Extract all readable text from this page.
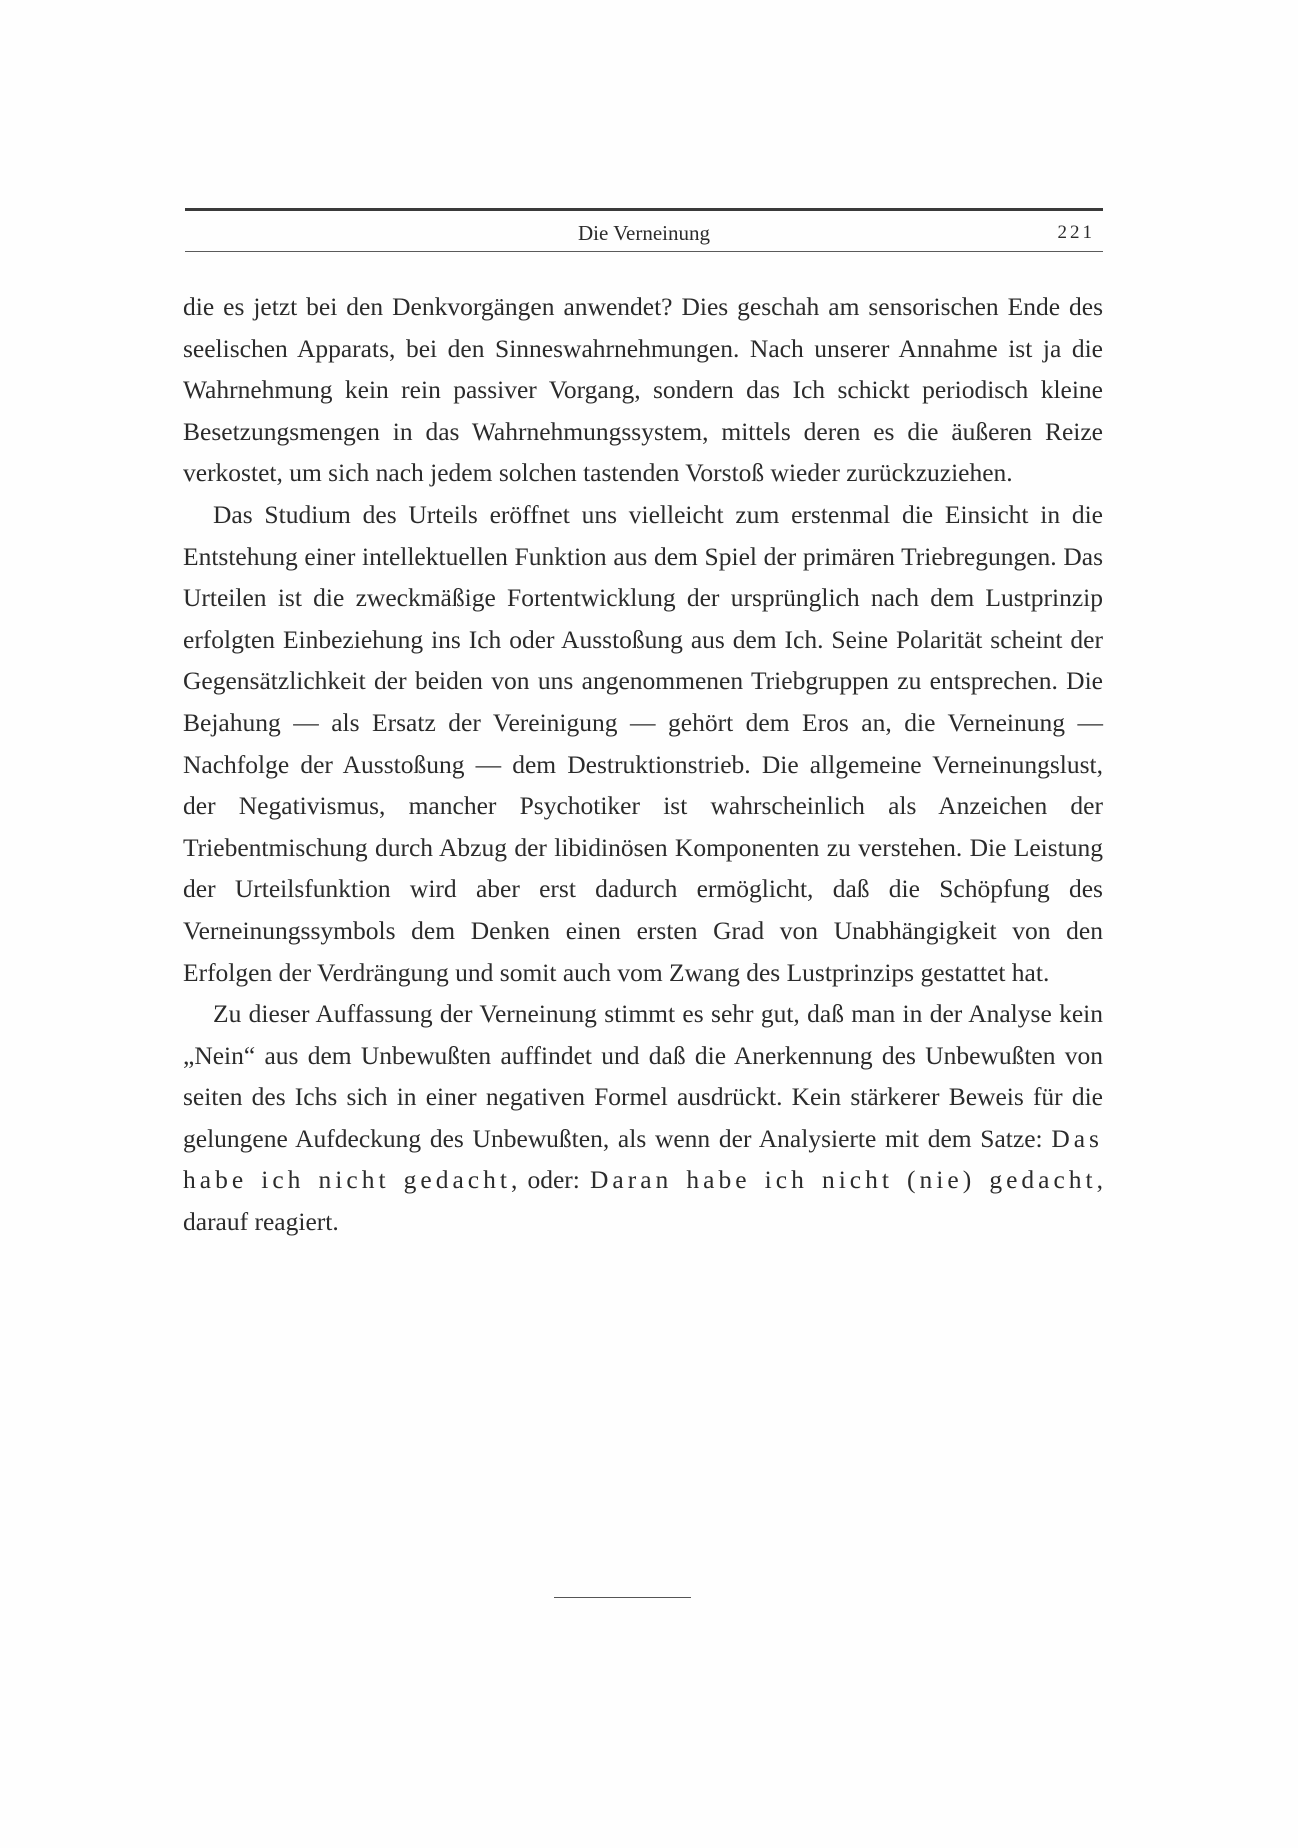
Die Verneinung	221

die es jetzt bei den Denkvorgängen anwendet? Dies geschah am sensorischen Ende des seelischen Apparats, bei den Sinneswahrnehmungen. Nach unserer Annahme ist ja die Wahrnehmung kein rein passiver Vorgang, sondern das Ich schickt periodisch kleine Besetzungsmengen in das Wahrnehmungssystem, mittels deren es die äußeren Reize verkostet, um sich nach jedem solchen tastenden Vorstoß wieder zurückzuziehen.

Das Studium des Urteils eröffnet uns vielleicht zum erstenmal die Einsicht in die Entstehung einer intellektuellen Funktion aus dem Spiel der primären Triebregungen. Das Urteilen ist die zweckmäßige Fortentwicklung der ursprünglich nach dem Lustprinzip erfolgten Einbeziehung ins Ich oder Ausstoßung aus dem Ich. Seine Polarität scheint der Gegensätzlichkeit der beiden von uns angenommenen Triebgruppen zu entsprechen. Die Bejahung — als Ersatz der Vereinigung — gehört dem Eros an, die Verneinung — Nachfolge der Ausstoßung — dem Destruktionstrieb. Die allgemeine Verneinungslust, der Negativismus, mancher Psychotiker ist wahrscheinlich als Anzeichen der Triebentmischung durch Abzug der libidinösen Komponenten zu verstehen. Die Leistung der Urteilsfunktion wird aber erst dadurch ermöglicht, daß die Schöpfung des Verneinungssymbols dem Denken einen ersten Grad von Unabhängigkeit von den Erfolgen der Verdrängung und somit auch vom Zwang des Lustprinzips gestattet hat.

Zu dieser Auffassung der Verneinung stimmt es sehr gut, daß man in der Analyse kein „Nein“ aus dem Unbewußten auffindet und daß die Anerkennung des Unbewußten von seiten des Ichs sich in einer negativen Formel ausdrückt. Kein stärkerer Beweis für die gelungene Aufdeckung des Unbewußten, als wenn der Analysierte mit dem Satze: Das habe ich nicht gedacht, oder: Daran habe ich nicht (nie) gedacht, darauf reagiert.
